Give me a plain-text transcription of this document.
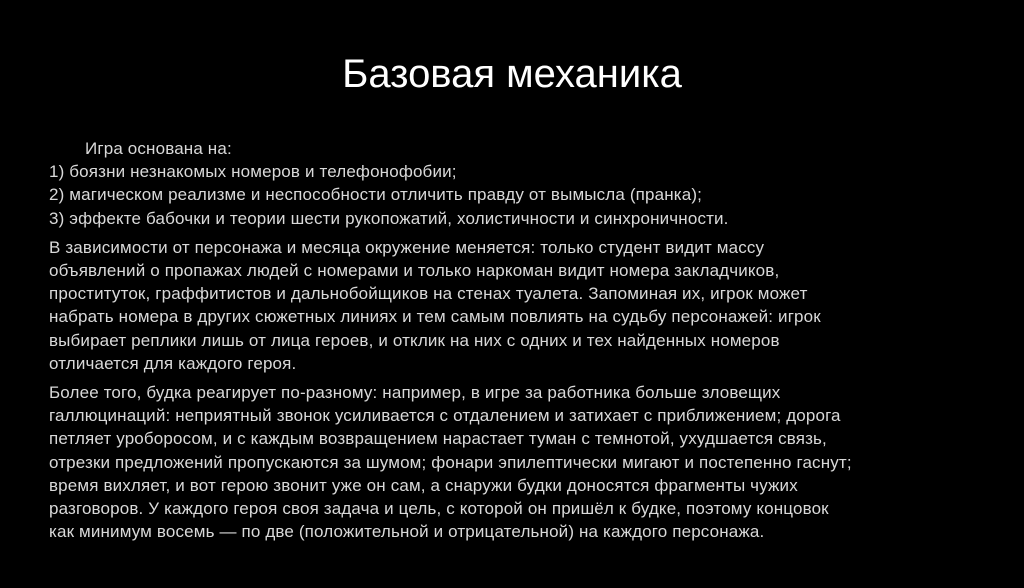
Базовая механика

Игра основана на:

1) боязни незнакомых номеров и телефонофобии;
2) магическом реализме и неспособности отличить правду от вымысла (пранка);
3) эффекте бабочки и теории шести рукопожатий, холистичности и синхроничности.

В зависимости от персонажа и месяца окружение меняется: только студент видит массу
объявлений о пропажах людей с номерами и только наркоман видит номера закладчиков,
проституток, граффитистов и дальнобойщиков на стенах туалета. Запоминая их, игрок может
набрать номера в других сюжетных линиях и тем самым повлиять на судьбу персонажей: игрок
выбирает реплики лишь от лица героев, и отклик на них с одних и тех найденных номеров
отличается для каждого героя.

Более того, будка реагирует по-разному: например, в игре за работника больше зловещих
галлюцинаций: неприятный звонок усиливается с отдалением и затихает с приближением; дорога
петляет уроборосом, и с каждым возвращением нарастает туман с темнотой, ухудшается связь,
отрезки предложений пропускаются за шумом; фонари эпилептически мигают и постепенно гаснут;
время вихляет, и вот герою звонит уже он сам, а снаружи будки доносятся фрагменты чужих
разговоров. У каждого героя своя задача и цель, с которой он пришёл к будке, поэтому концовок
как минимум восемь — по две (положительной и отрицательной) на каждого персонажа.
